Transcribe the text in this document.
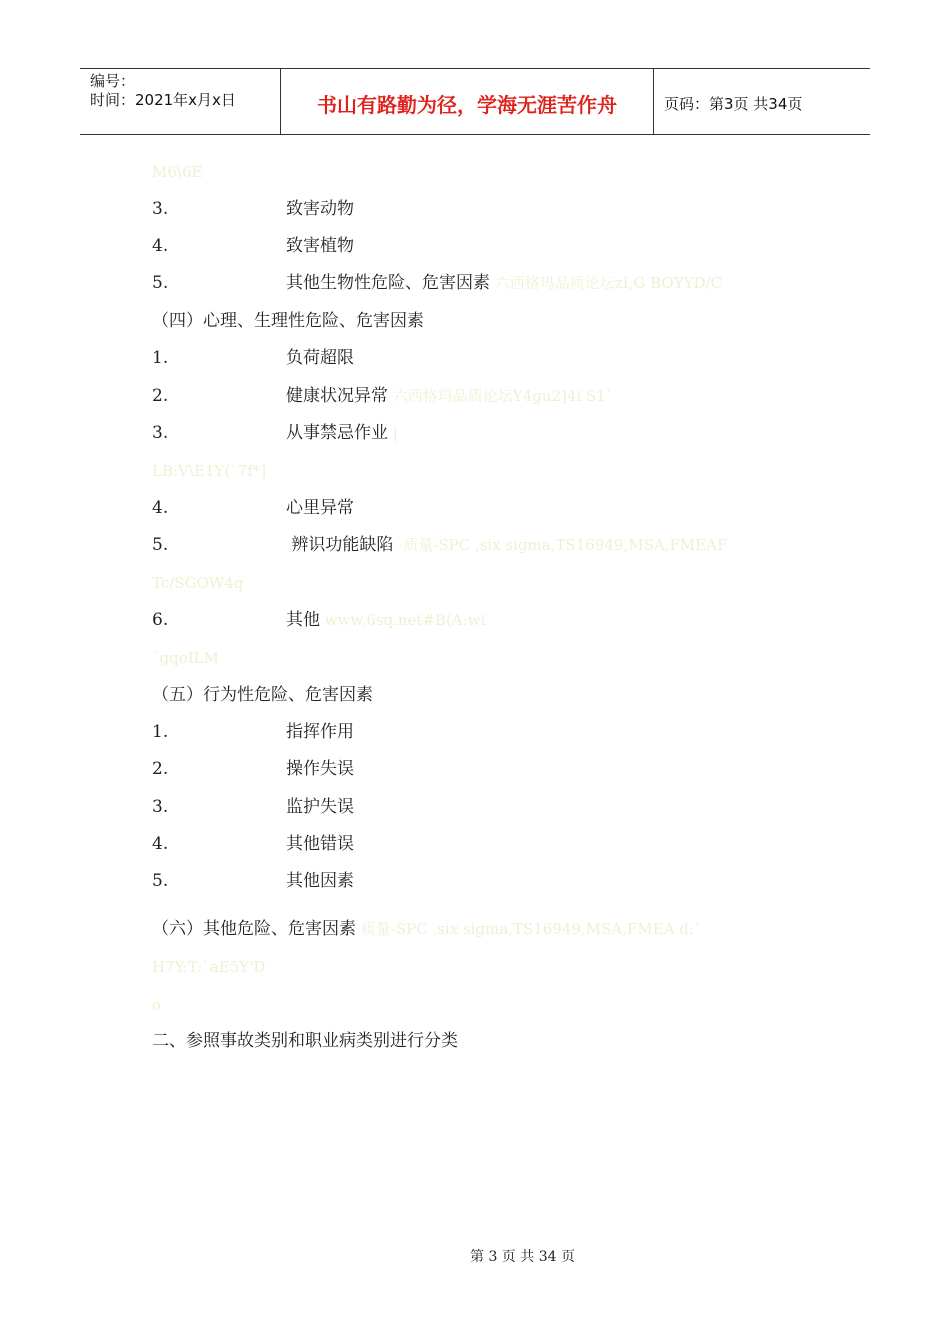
编号：
时间：2021年x月x日	书山有路勤为径，学海无涯苦作舟	页码：第3页 共34页
M6\6E
3.	致害动物
4.	致害植物
5.	其他生物性危险、危害因素 六西格玛品质论坛zI,G BOYYD/C
（四）心理、生理性危险、危害因素
1.	负荷超限
2.	健康状况异常 六西格玛品质论坛Y4gu2]4i S1`
3.	从事禁忌作业 |
LB:V\E1Y(`7f*]
4.	心里异常
5.	辨识功能缺陷 -质量-SPC ,six sigma,TS16949,MSA,FMEAF
Tc/SGOW4q
6.	其他 www.6sq.net#B(A:wi
`gqoILM
（五）行为性危险、危害因素
1.	指挥作用
2.	操作失误
3.	监护失误
4.	其他错误
5.	其他因素
（六）其他危险、危害因素 质量-SPC ,six sigma,TS16949,MSA,FMEA d:`
H7Y:T:`aE5Y'D
o
二、参照事故类别和职业病类别进行分类
第 3 页 共 34 页
